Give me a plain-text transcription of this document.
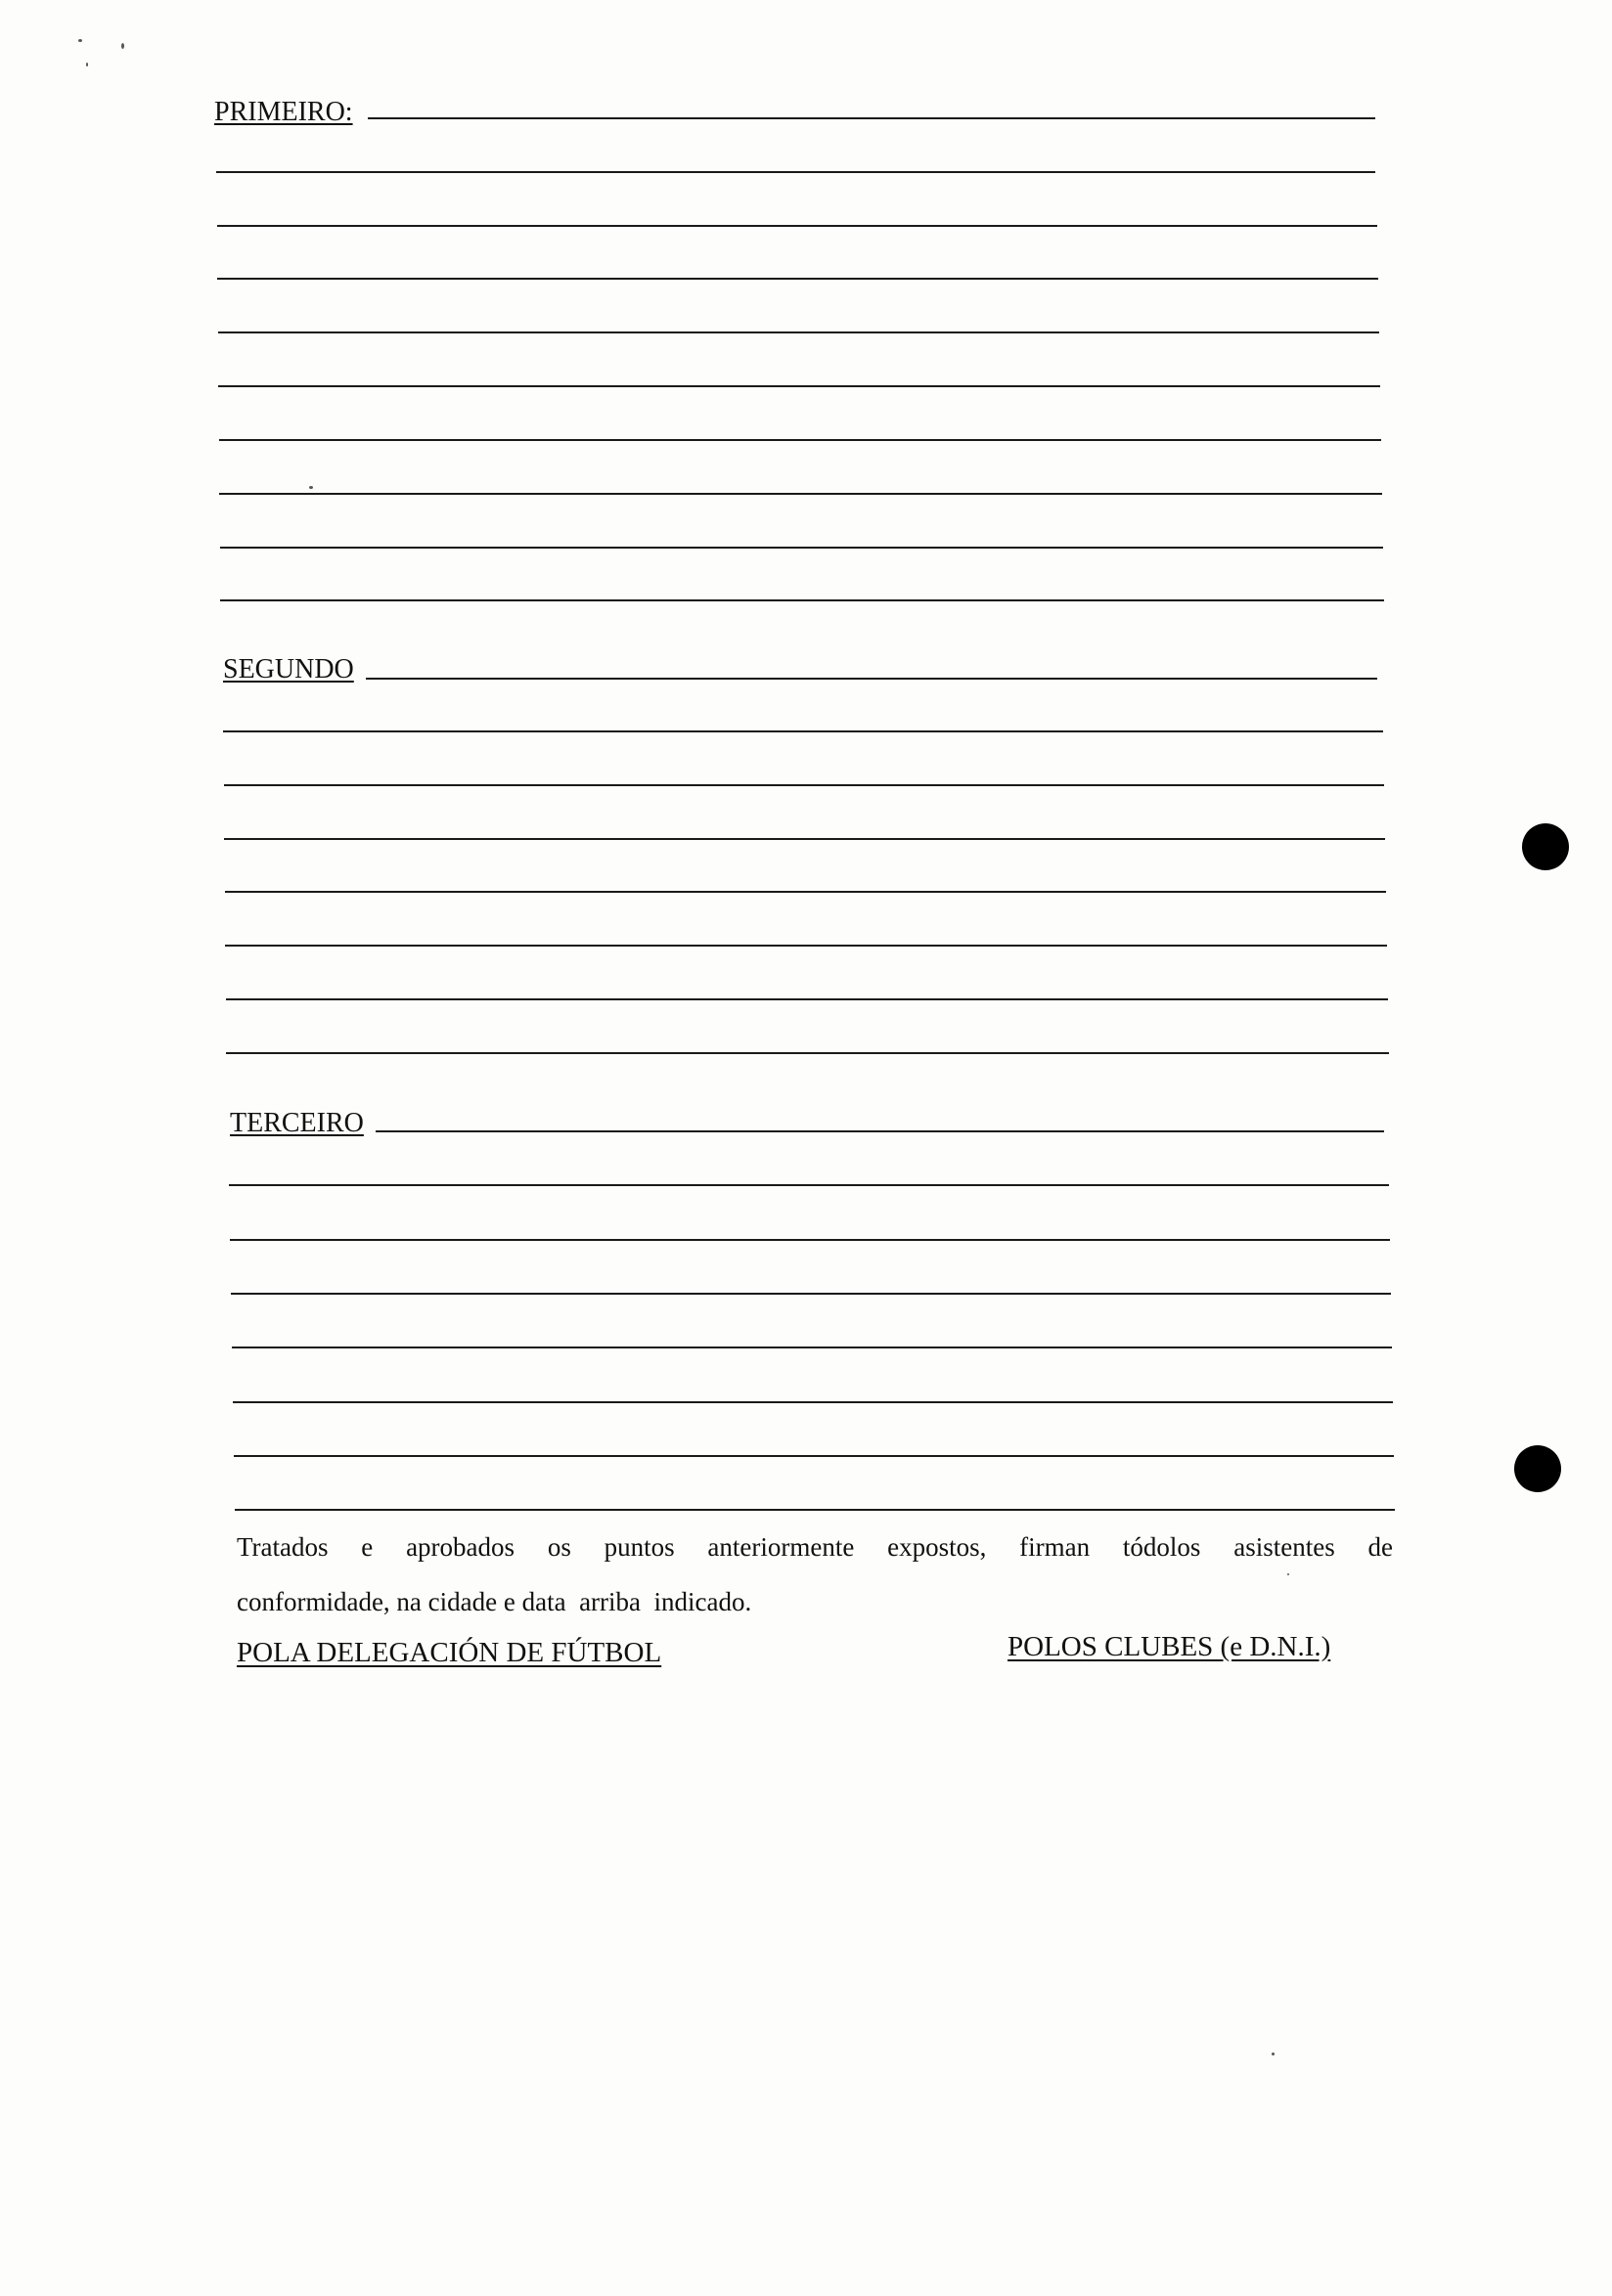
PRIMEIRO:
SEGUNDO
TERCEIRO
Tratados e aprobados os puntos anteriormente expostos, firman tódolos asistentes de
conformidade, na cidade e data  arriba  indicado.
POLA DELEGACIÓN DE FÚTBOL	POLOS CLUBES (e D.N.I.)
